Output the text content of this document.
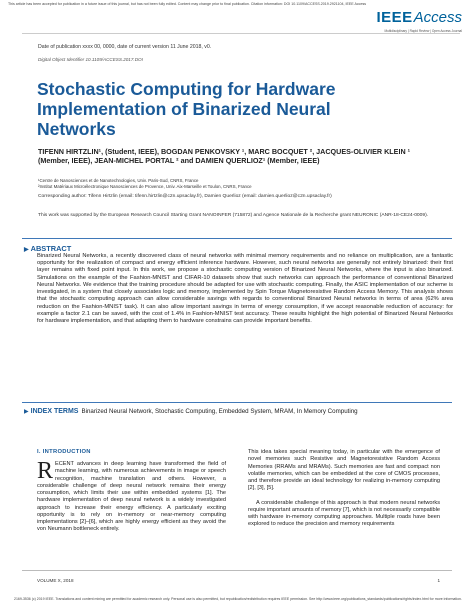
This article has been accepted for publication in a future issue of this journal, but has not been fully edited. Content may change prior to final publication. Citation information: DOI 10.1109/ACCESS.2019.2921104, IEEE Access
IEEEAccess
Multidisciplinary | Rapid Review | Open Access Journal
Date of publication xxxx 00, 0000, date of current version 11 June 2018, v0.
Digital Object Identifier 10.1109/ACCESS.2017.DOI
Stochastic Computing for Hardware Implementation of Binarized Neural Networks
TIFENN HIRTZLIN¹, (Student, IEEE), BOGDAN PENKOVSKY ¹, MARC BOCQUET ², JACQUES-OLIVIER KLEIN ¹ (Member, IEEE), JEAN-MICHEL PORTAL ² and DAMIEN QUERLIOZ¹ (Member, IEEE)
¹Centre de Nanosciences et de Nanotechnologies, Univ. Paris-Sud, CNRS, France
²Institut Matériaux Microélectronique Nanosciences de Provence, Univ. Aix-Marseille et Toulon, CNRS, France
Corresponding author: Tifenn Hirtzlin (email: tifenn.hirtzlin@c2n.upsaclay.fr), Damien Querlioz (email: damien.querlioz@c2n.upsaclay.fr)
This work was supported by the European Research Council Starting Grant NANOINFER (715872) and Agence Nationale de la Recherche grant NEURONIC (ANR-18-CE24-0009).
▶ ABSTRACT
Binarized Neural Networks, a recently discovered class of neural networks with minimal memory requirements and no reliance on multiplication, are a fantastic opportunity for the realization of compact and energy efficient inference hardware. However, such neural networks are generally not entirely binarized: their first layer remains with fixed point input. In this work, we propose a stochastic computing version of Binarized Neural Networks, where the input is also binarized. Simulations on the example of the Fashion-MNIST and CIFAR-10 datasets show that such networks can approach the performance of conventional Binarized Neural Networks. We evidence that the training procedure should be adapted for use with stochastic computing. Finally, the ASIC implementation of our scheme is investigated, in a system that closely associates logic and memory, implemented by Spin Torque Magnetoresistive Random Access Memory. This analysis shows that the stochastic computing approach can allow considerable savings with regards to conventional Binarized Neural networks in terms of area (62% area reduction on the Fashion-MNIST task). It can also allow important savings in terms of energy consumption, if we accept reasonable reduction of accuracy: for example a factor 2.1 can be saved, with the cost of 1.4% in Fashion-MNIST test accuracy. These results highlight the high potential of Binarized Neural Networks for hardware implementation, and that adapting them to hardware constrains can provide important benefits.
▶ INDEX TERMS Binarized Neural Network, Stochastic Computing, Embedded System, MRAM, In Memory Computing
I. INTRODUCTION
RECENT advances in deep learning have transformed the field of machine learning, with numerous achievements in image or speech recognition, machine translation and others. However, a considerable challenge of deep neural network remains their energy consumption, which limits their use within embedded systems [1]. The hardware implementation of deep neural network is a widely investigated approach to increase their energy efficiency. A particularly exciting opportunity is to rely on in-memory or near-memory computing implementations [2]–[6], which are highly energy efficient as they avoid the von Neumann bottleneck entirely.

This idea takes special meaning today, in particular with the emergence of novel memories such Resistive and Magnetoresistive Random Access Memories (RRAMs and MRAMs). Such memories are fast and compact non volatile memories, which can be embedded at the core of CMOS processes, and therefore provide an ideal technology for realizing in-memory computing [2], [3], [5].

A considerable challenge of this approach is that modern neural networks require important amounts of memory [7], which is not necessarily compatible with hardware in-memory computing approaches. Multiple roads have been explored to reduce the precision and memory requirements

VOLUME X, 2018	1
2169-3536 (c) 2019 IEEE. Translations and content mining are permitted for academic research only. Personal use is also permitted, but republication/redistribution requires IEEE permission. See http://www.ieee.org/publications_standards/publications/rights/index.html for more information.
